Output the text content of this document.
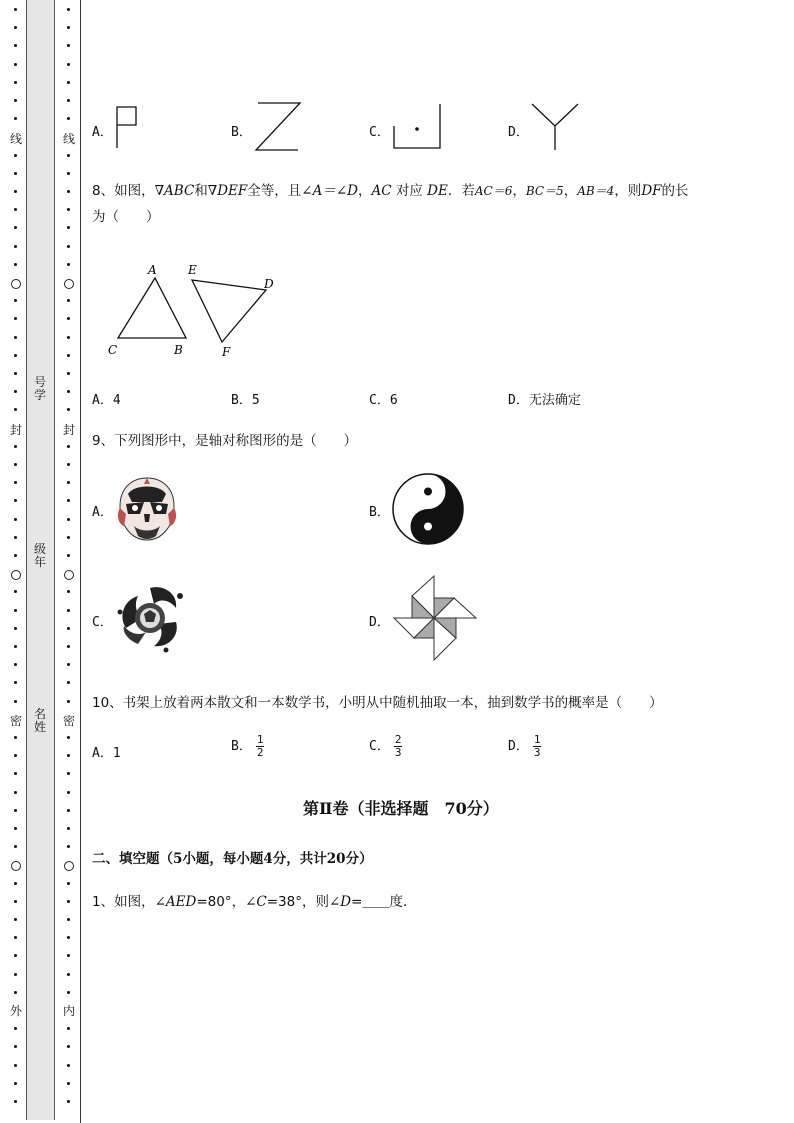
线
封
密
外
线
封
密
内
号学
级年
名姓
A．	B．	C．	D．
8、如图，∇ABC和∇DEF全等，且∠A＝∠D，AC 对应 DE．若AC＝6，BC＝5，AB＝4，则DF的长
为（　　）
A
C	B
E
D
F
A．4	B．5	C．6	D．无法确定
9、下列图形中，是轴对称图形的是（　　）
A．	B．
C．	D．
10、书架上放着两本散文和一本数学书，小明从中随机抽取一本，抽到数学书的概率是（　　）
A．1	B． $\frac{1}{2}$	C． $\frac{2}{3}$	D． $\frac{1}{3}$
第Ⅱ卷（非选择题　70分）
二、填空题（5小题，每小题4分，共计20分）
1、如图，∠AED=80°，∠C=38°，则∠D=＿＿度．
